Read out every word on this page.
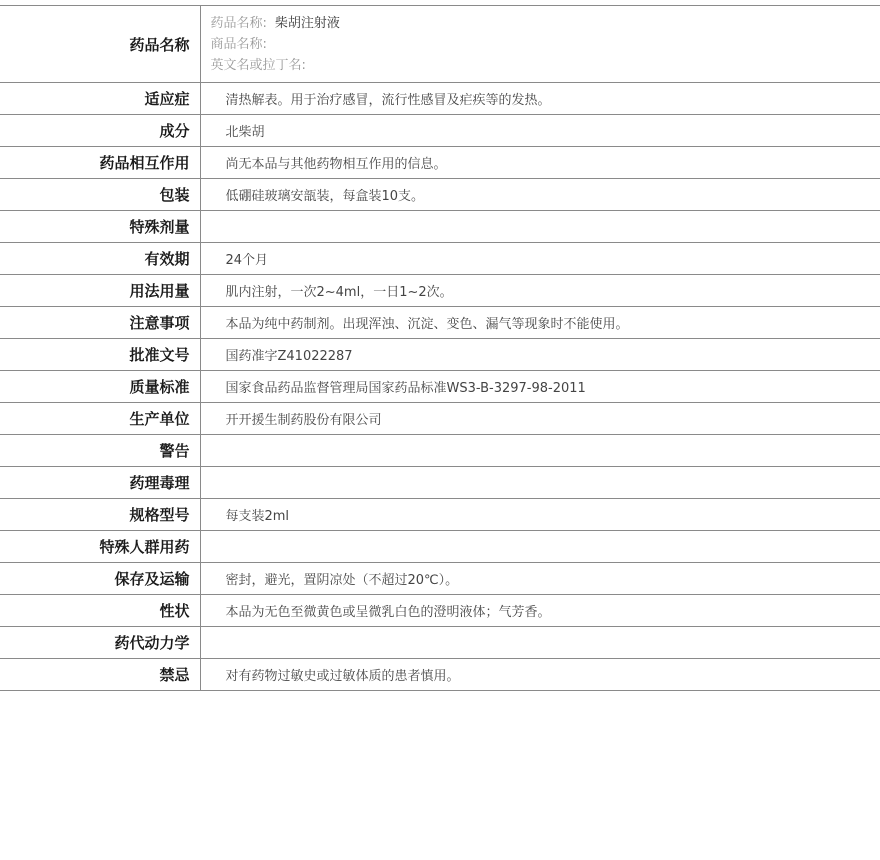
药品名称	药品名称: 柴胡注射液
商品名称:
英文名或拉丁名:

适应症	清热解表。用于治疗感冒，流行性感冒及疟疾等的发热。
成分	北柴胡
药品相互作用	尚无本品与其他药物相互作用的信息。
包装	低硼硅玻璃安瓿装，每盒装10支。
特殊剂量	
有效期	24个月
用法用量	肌内注射，一次2~4ml，一日1~2次。
注意事项	本品为纯中药制剂。出现浑浊、沉淀、变色、漏气等现象时不能使用。
批准文号	国药准字Z41022287
质量标准	国家食品药品监督管理局国家药品标准WS3-B-3297-98-2011
生产单位	开开援生制药股份有限公司
警告	
药理毒理	
规格型号	每支装2ml
特殊人群用药	
保存及运输	密封，避光，置阴凉处（不超过20℃）。
性状	本品为无色至微黄色或呈微乳白色的澄明液体；气芳香。
药代动力学	
禁忌	对有药物过敏史或过敏体质的患者慎用。
